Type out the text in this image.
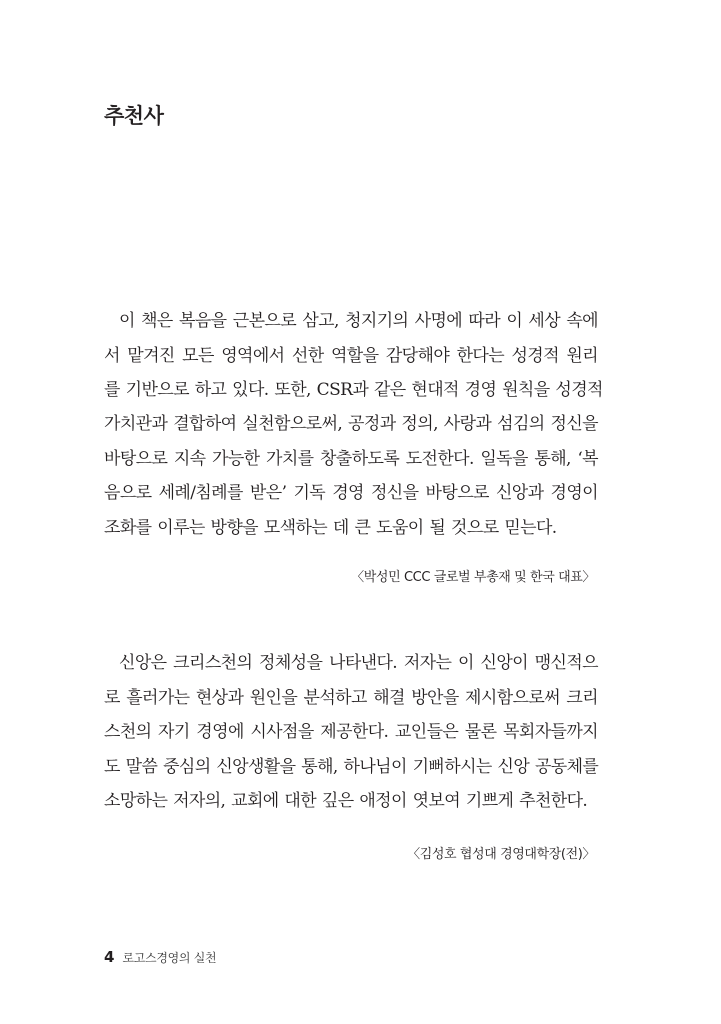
추천사

이 책은 복음을 근본으로 삼고, 청지기의 사명에 따라 이 세상 속에

서 맡겨진 모든 영역에서 선한 역할을 감당해야 한다는 성경적 원리

를 기반으로 하고 있다. 또한, CSR과 같은 현대적 경영 원칙을 성경적

가치관과 결합하여 실천함으로써, 공정과 정의, 사랑과 섬김의 정신을

바탕으로 지속 가능한 가치를 창출하도록 도전한다. 일독을 통해, ‘복

음으로 세례/침례를 받은’ 기독 경영 정신을 바탕으로 신앙과 경영이

조화를 이루는 방향을 모색하는 데 큰 도움이 될 것으로 믿는다.

〈박성민 CCC 글로벌 부총재 및 한국 대표〉

신앙은 크리스천의 정체성을 나타낸다. 저자는 이 신앙이 맹신적으

로 흘러가는 현상과 원인을 분석하고 해결 방안을 제시함으로써 크리

스천의 자기 경영에 시사점을 제공한다. 교인들은 물론 목회자들까지

도 말씀 중심의 신앙생활을 통해, 하나님이 기뻐하시는 신앙 공동체를

소망하는 저자의, 교회에 대한 깊은 애정이 엿보여 기쁘게 추천한다.

〈김성호 협성대 경영대학장(전)〉

4 로고스경영의 실천
